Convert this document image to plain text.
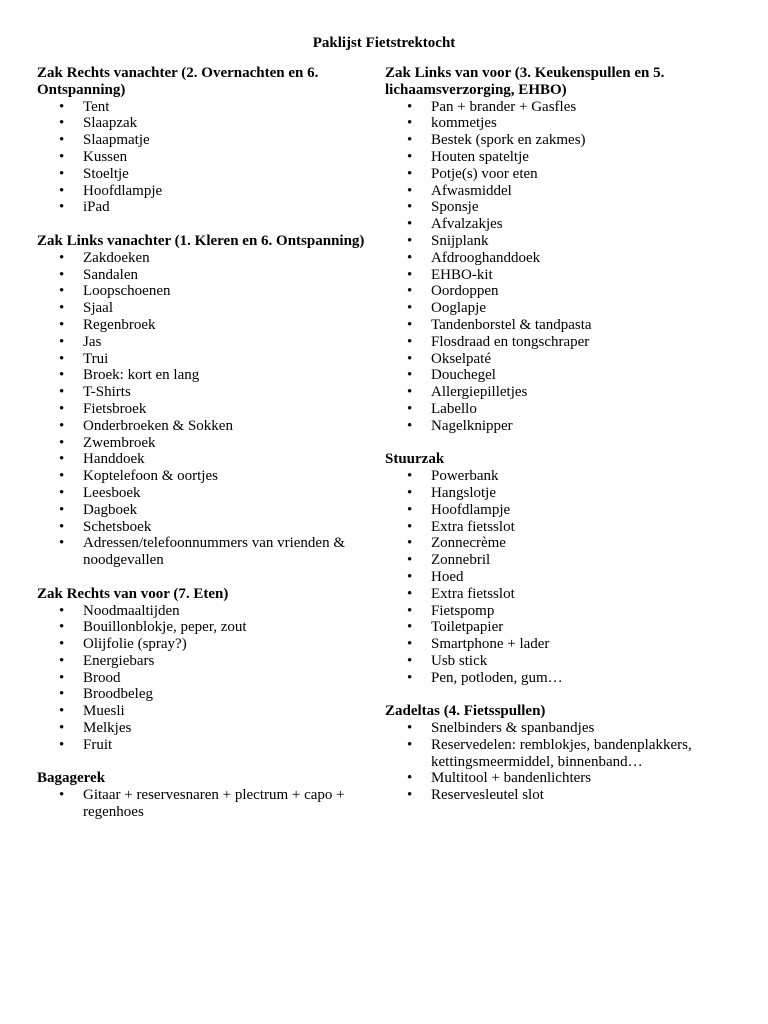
Paklijst Fietstrektocht
Zak Rechts vanachter (2. Overnachten en 6. Ontspanning)
• Tent
• Slaapzak
• Slaapmatje
• Kussen
• Stoeltje
• Hoofdlampje
• iPad
Zak Links vanachter (1. Kleren en 6. Ontspanning)
• Zakdoeken
• Sandalen
• Loopschoenen
• Sjaal
• Regenbroek
• Jas
• Trui
• Broek: kort en lang
• T-Shirts
• Fietsbroek
• Onderbroeken & Sokken
• Zwembroek
• Handdoek
• Koptelefoon & oortjes
• Leesboek
• Dagboek
• Schetsboek
• Adressen/telefoonnummers van vrienden & noodgevallen
Zak Rechts van voor (7. Eten)
• Noodmaaltijden
• Bouillonblokje, peper, zout
• Olijfolie (spray?)
• Energiebars
• Brood
• Broodbeleg
• Muesli
• Melkjes
• Fruit
Bagagerek
• Gitaar + reservesnaren + plectrum + capo + regenhoes
Zak Links van voor (3. Keukenspullen en 5. lichaamsverzorging, EHBO)
• Pan + brander + Gasfles
• kommetjes
• Bestek (spork en zakmes)
• Houten spateltje
• Potje(s) voor eten
• Afwasmiddel
• Sponsje
• Afvalzakjes
• Snijplank
• Afdrooghanddoek
• EHBO-kit
• Oordoppen
• Ooglapje
• Tandenborstel & tandpasta
• Flosdraad en tongschraper
• Okselpaté
• Douchegel
• Allergiepilletjes
• Labello
• Nagelknipper
Stuurzak
• Powerbank
• Hangslotje
• Hoofdlampje
• Extra fietsslot
• Zonnecrème
• Zonnebril
• Hoed
• Extra fietsslot
• Fietspomp
• Toiletpapier
• Smartphone + lader
• Usb stick
• Pen, potloden, gum…
Zadeltas (4. Fietsspullen)
• Snelbinders & spanbandjes
• Reservedelen: remblokjes, bandenplakkers, kettingsmeermiddel, binnenband…
• Multitool + bandenlichters
• Reservesleutel slot
